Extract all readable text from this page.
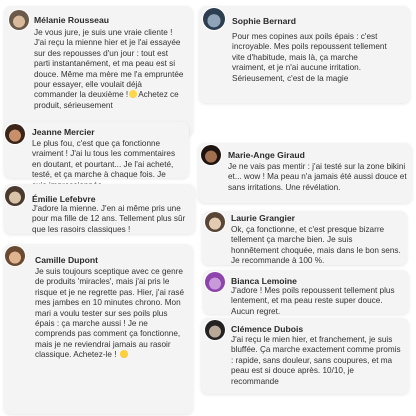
Mélanie Rousseau
Je vous jure, je suis une vraie cliente ! J'ai reçu la mienne hier et je l'ai essayée sur des repousses d'un jour : tout est parti instantanément, et ma peau est si douce. Même ma mère me l'a empruntée pour essayer, elle voulait déjà commander la deuxième ! Achetez ce produit, sérieusement
Sophie Bernard
Pour mes copines aux poils épais : c'est incroyable. Mes poils repoussent tellement vite d'habitude, mais là, ça marche vraiment, et je n'ai aucune irritation. Sérieusement, c'est de la magie
Jeanne Mercier
Le plus fou, c'est que ça fonctionne vraiment ! J'ai lu tous les commentaires en doutant, et pourtant... Je l'ai acheté, testé, et ça marche à chaque fois. Je
Marie-Ange Giraud
Je ne vais pas mentir : j'ai testé sur la zone bikini et... wow ! Ma peau n'a jamais été aussi douce et sans irritations. Une révélation.
Émilie Lefebvre
J'adore la mienne. J'en ai même pris une pour ma fille de 12 ans. Tellement plus sûr que les rasoirs classiques !
Laurie Grangier
Ok, ça fonctionne, et c'est presque bizarre tellement ça marche bien. Je suis honnêtement choquée, mais dans le bon sens. Je recommande à 100 %.
Camille Dupont
Je suis toujours sceptique avec ce genre de produits 'miracles', mais j'ai pris le risque et je ne regrette pas. Hier, j'ai rasé mes jambes en 10 minutes chrono. Mon mari a voulu tester sur ses poils plus épais : ça marche aussi ! Je ne comprends pas comment ça fonctionne, mais je ne reviendrai jamais au rasoir classique. Achetez-le !
Bianca Lemoine
J'adore ! Mes poils repoussent tellement plus lentement, et ma peau reste super douce. Aucun regret.
Clémence Dubois
J'ai reçu le mien hier, et franchement, je suis bluffée. Ça marche exactement comme promis : rapide, sans douleur, sans coupures, et ma peau est si douce après. 10/10, je recommande
